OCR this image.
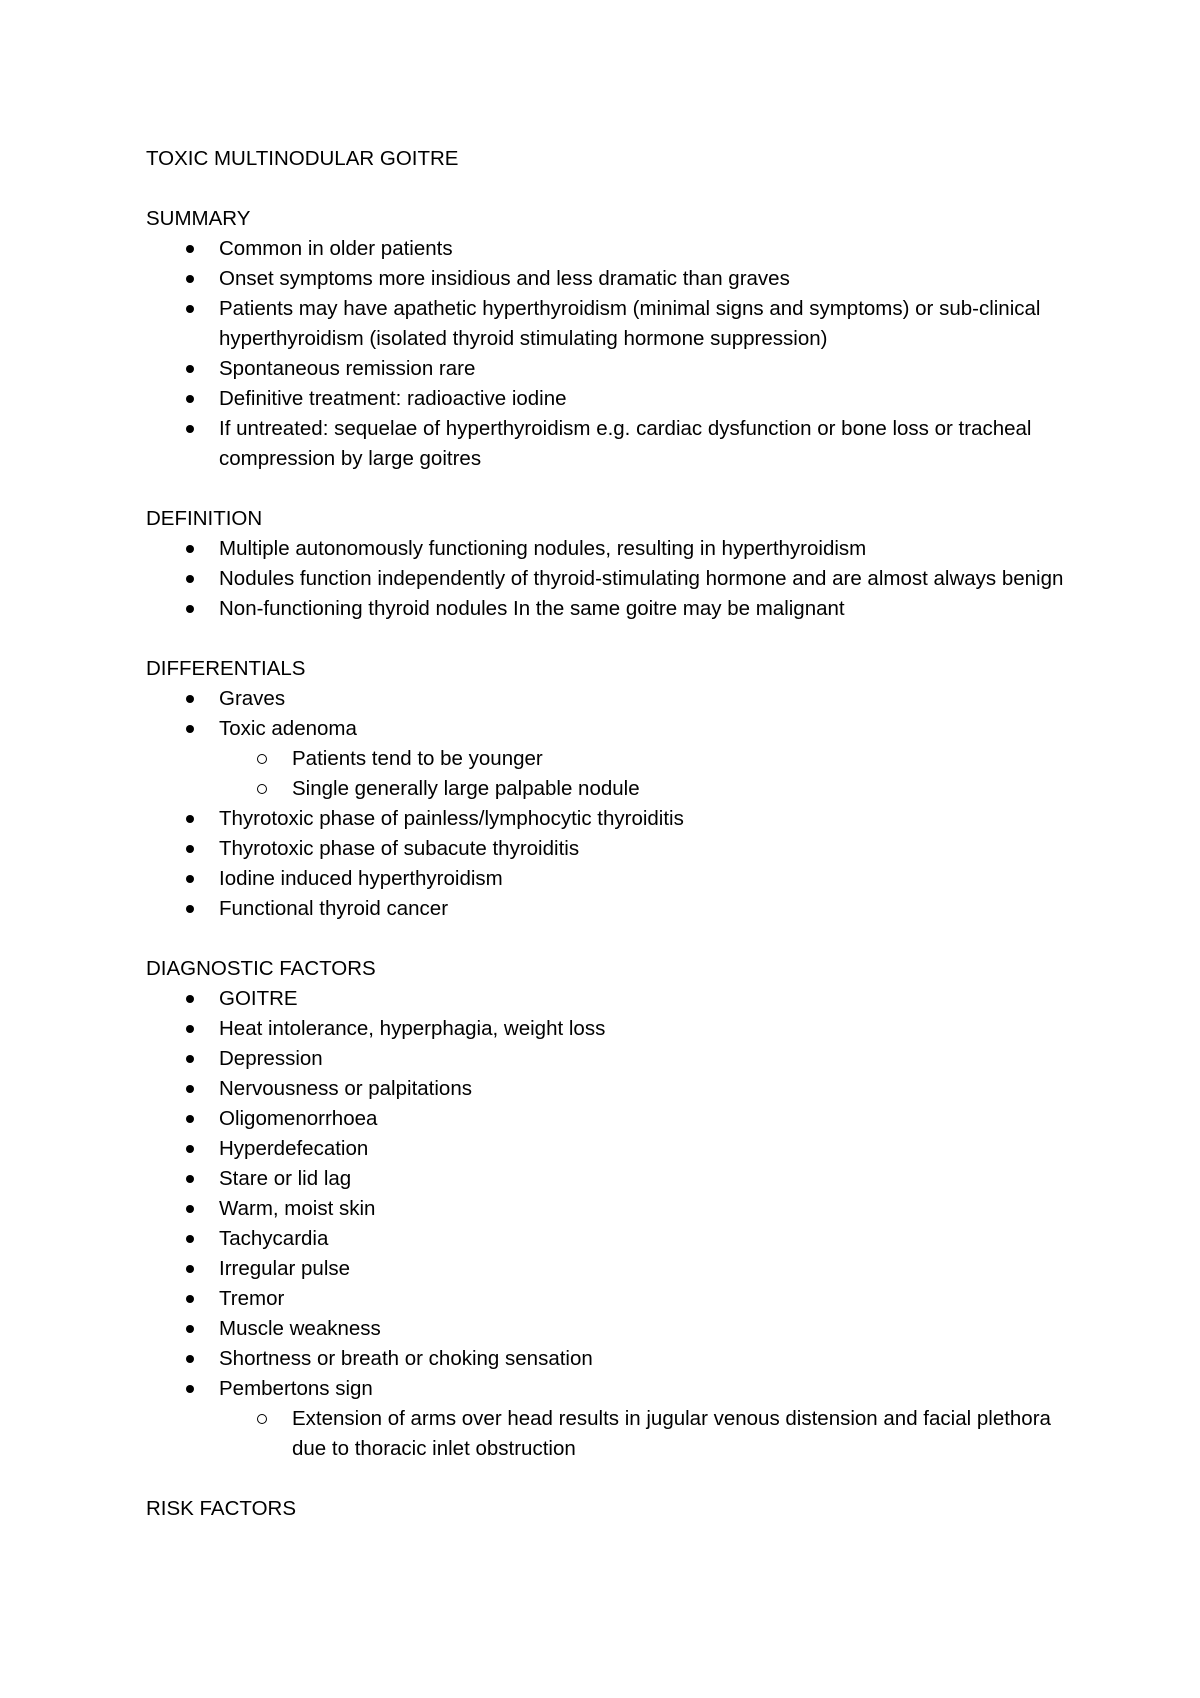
TOXIC MULTINODULAR GOITRE
SUMMARY
Common in older patients
Onset symptoms more insidious and less dramatic than graves
Patients may have apathetic hyperthyroidism (minimal signs and symptoms) or sub-clinical hyperthyroidism (isolated thyroid stimulating hormone suppression)
Spontaneous remission rare
Definitive treatment: radioactive iodine
If untreated: sequelae of hyperthyroidism e.g. cardiac dysfunction or bone loss or tracheal compression by large goitres
DEFINITION
Multiple autonomously functioning nodules, resulting in hyperthyroidism
Nodules function independently of thyroid-stimulating hormone and are almost always benign
Non-functioning thyroid nodules In the same goitre may be malignant
DIFFERENTIALS
Graves
Toxic adenoma
Patients tend to be younger
Single generally large palpable nodule
Thyrotoxic phase of painless/lymphocytic thyroiditis
Thyrotoxic phase of subacute thyroiditis
Iodine induced hyperthyroidism
Functional thyroid cancer
DIAGNOSTIC FACTORS
GOITRE
Heat intolerance, hyperphagia, weight loss
Depression
Nervousness or palpitations
Oligomenorrhoea
Hyperdefecation
Stare or lid lag
Warm, moist skin
Tachycardia
Irregular pulse
Tremor
Muscle weakness
Shortness or breath or choking sensation
Pembertons sign
Extension of arms over head results in jugular venous distension and facial plethora due to thoracic inlet obstruction
RISK FACTORS
